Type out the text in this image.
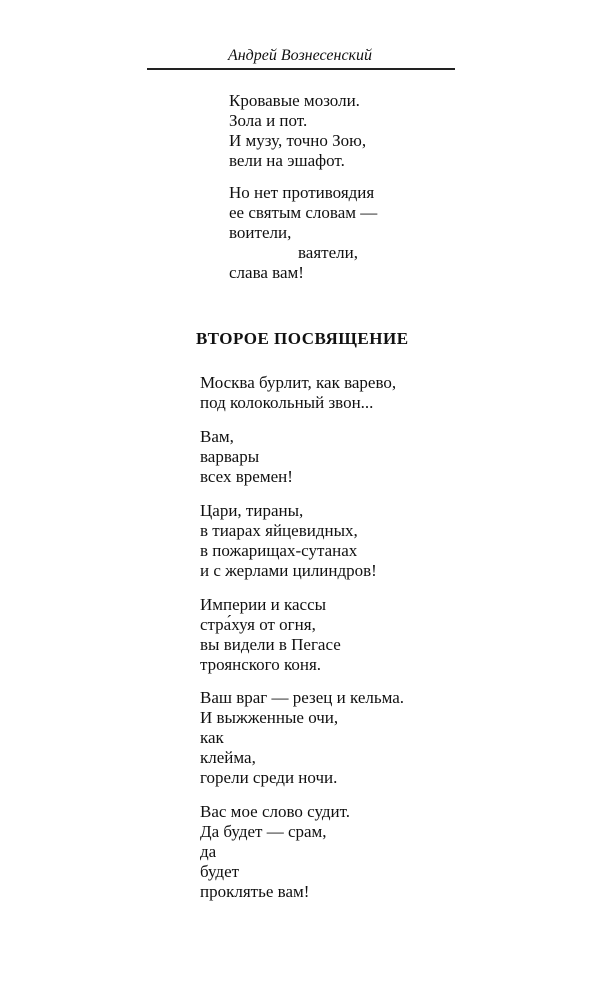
Андрей Вознесенский
Кровавые мозоли.
Зола и пот.
И музу, точно Зою,
вели на эшафот.
Но нет противоядия
ее святым словам —
воители,
ваятели,
слава вам!
ВТОРОЕ ПОСВЯЩЕНИЕ
Москва бурлит, как варево,
под колокольный звон...
Вам,
варвары
всех времен!
Цари, тираны,
в тиарах яйцевидных,
в пожарищах-сутанах
и с жерлами цилиндров!
Империи и кассы
стра́хуя от огня,
вы видели в Пегасе
троянского коня.
Ваш враг — резец и кельма.
И выжженные очи,
как
клейма,
горели среди ночи.
Вас мое слово судит.
Да будет — срам,
да
будет
проклятье вам!
